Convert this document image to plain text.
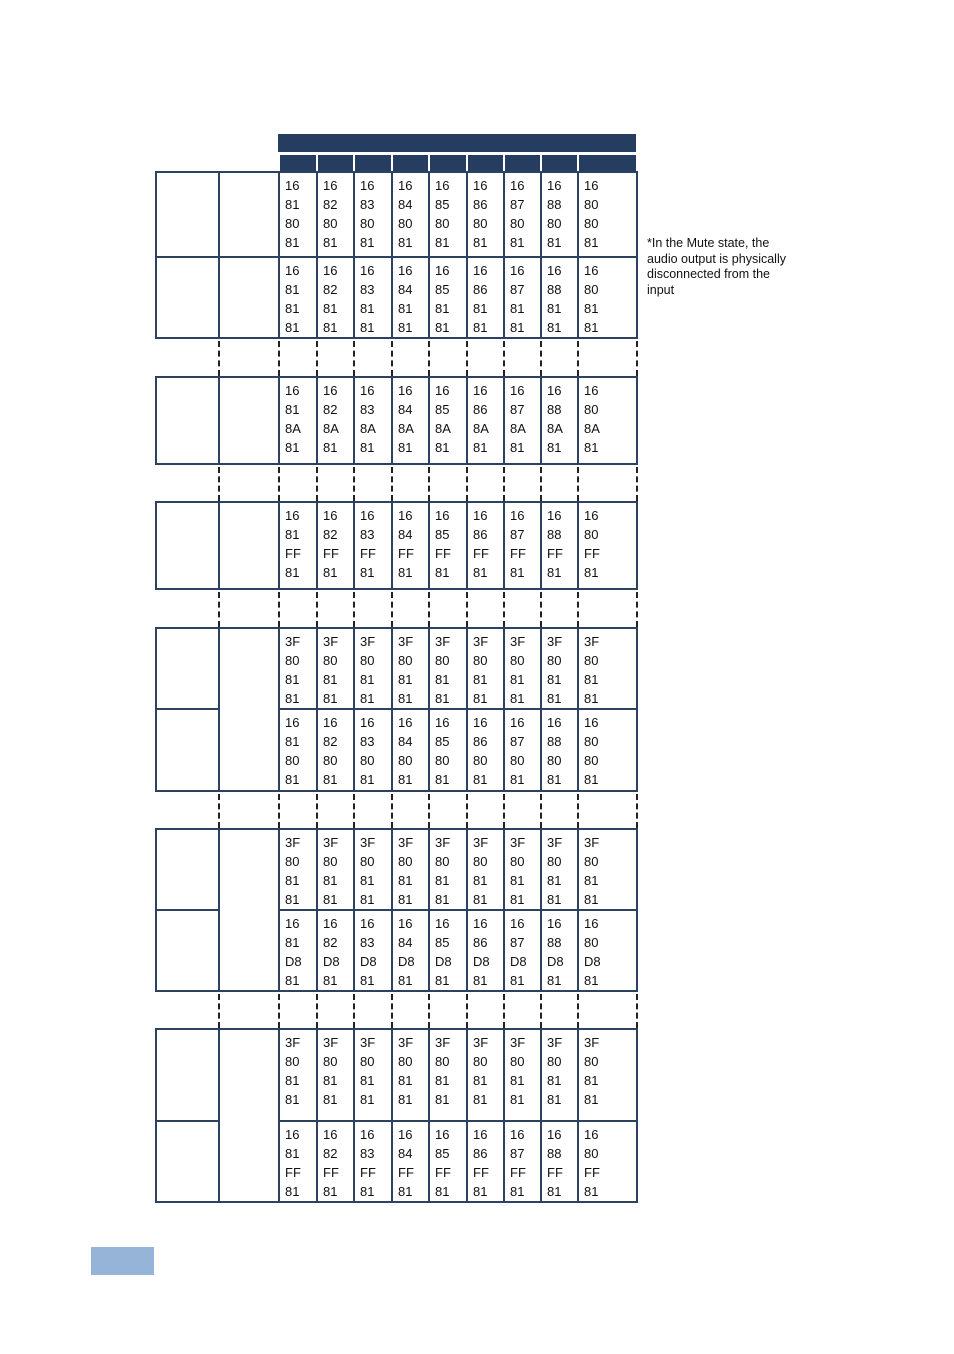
16
81
80
81
16
82
80
81
16
83
80
81
16
84
80
81
16
85
80
81
16
86
80
81
16
87
80
81
16
88
80
81
16
80
80
81
16
81
81
81
16
82
81
81
16
83
81
81
16
84
81
81
16
85
81
81
16
86
81
81
16
87
81
81
16
88
81
81
16
80
81
81
16
81
8A
81
16
82
8A
81
16
83
8A
81
16
84
8A
81
16
85
8A
81
16
86
8A
81
16
87
8A
81
16
88
8A
81
16
80
8A
81
16
81
FF
81
16
82
FF
81
16
83
FF
81
16
84
FF
81
16
85
FF
81
16
86
FF
81
16
87
FF
81
16
88
FF
81
16
80
FF
81
3F
80
81
81
3F
80
81
81
3F
80
81
81
3F
80
81
81
3F
80
81
81
3F
80
81
81
3F
80
81
81
3F
80
81
81
3F
80
81
81
16
81
80
81
16
82
80
81
16
83
80
81
16
84
80
81
16
85
80
81
16
86
80
81
16
87
80
81
16
88
80
81
16
80
80
81
3F
80
81
81
3F
80
81
81
3F
80
81
81
3F
80
81
81
3F
80
81
81
3F
80
81
81
3F
80
81
81
3F
80
81
81
3F
80
81
81
16
81
D8
81
16
82
D8
81
16
83
D8
81
16
84
D8
81
16
85
D8
81
16
86
D8
81
16
87
D8
81
16
88
D8
81
16
80
D8
81
3F
80
81
81
3F
80
81
81
3F
80
81
81
3F
80
81
81
3F
80
81
81
3F
80
81
81
3F
80
81
81
3F
80
81
81
3F
80
81
81
16
81
FF
81
16
82
FF
81
16
83
FF
81
16
84
FF
81
16
85
FF
81
16
86
FF
81
16
87
FF
81
16
88
FF
81
16
80
FF
81
*In the Mute state, the audio output is physically disconnected from the input
